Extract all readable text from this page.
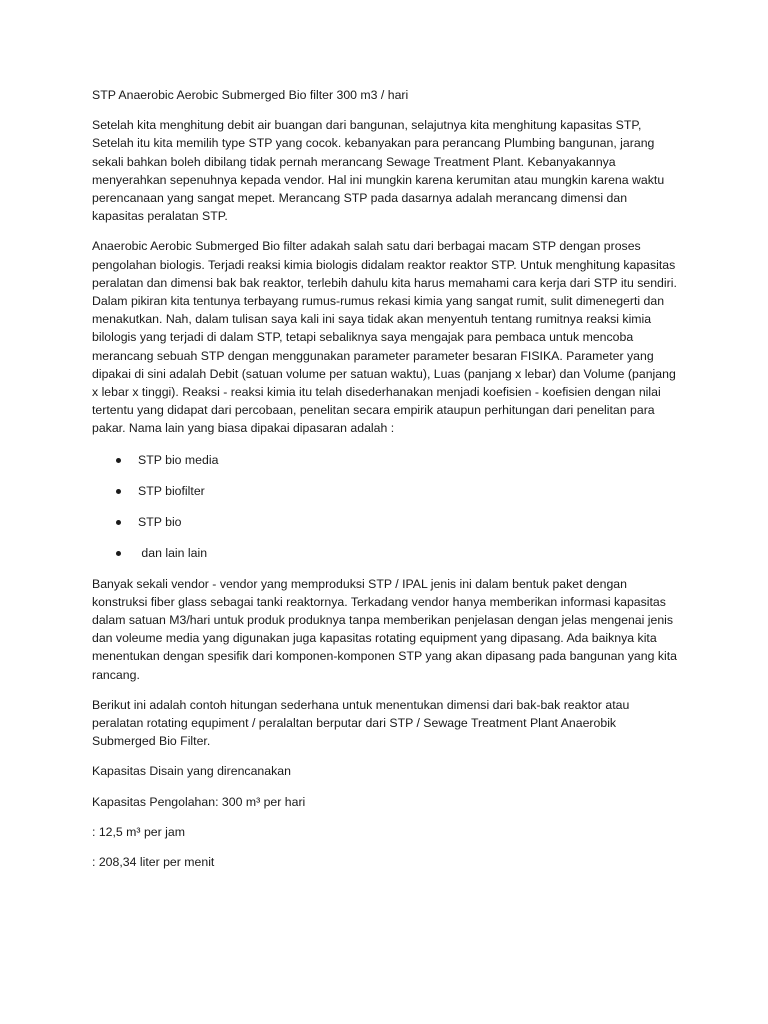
STP Anaerobic Aerobic Submerged Bio filter 300 m3 / hari

Setelah kita menghitung debit air buangan dari bangunan, selajutnya kita menghitung kapasitas STP, Setelah itu kita memilih type STP yang cocok. kebanyakan para perancang Plumbing bangunan, jarang sekali bahkan boleh dibilang tidak pernah merancang Sewage Treatment Plant. Kebanyakannya menyerahkan sepenuhnya kepada vendor. Hal ini mungkin karena kerumitan atau mungkin karena waktu perencanaan yang sangat mepet. Merancang STP pada dasarnya adalah merancang dimensi dan kapasitas peralatan STP.

Anaerobic Aerobic Submerged Bio filter adakah salah satu dari berbagai macam STP dengan proses pengolahan biologis. Terjadi reaksi kimia biologis didalam reaktor reaktor STP. Untuk menghitung kapasitas peralatan dan dimensi bak bak reaktor, terlebih dahulu kita harus memahami cara kerja dari STP itu sendiri. Dalam pikiran kita tentunya terbayang rumus-rumus rekasi kimia yang sangat rumit, sulit dimenegerti dan menakutkan. Nah, dalam tulisan saya kali ini saya tidak akan menyentuh tentang rumitnya reaksi kimia bilologis yang terjadi di dalam STP, tetapi sebaliknya saya mengajak para pembaca untuk mencoba merancang sebuah STP dengan menggunakan parameter parameter besaran FISIKA. Parameter yang dipakai di sini adalah Debit (satuan volume per satuan waktu), Luas (panjang x lebar) dan Volume (panjang x lebar x tinggi). Reaksi - reaksi kimia itu telah disederhanakan menjadi koefisien - koefisien dengan nilai tertentu yang didapat dari percobaan, penelitan secara empirik ataupun perhitungan dari penelitan para pakar. Nama lain yang biasa dipakai dipasaran adalah :

STP bio media
STP biofilter
STP bio
dan lain lain

Banyak sekali vendor - vendor yang memproduksi STP / IPAL jenis ini dalam bentuk paket dengan konstruksi fiber glass sebagai tanki reaktornya. Terkadang vendor hanya memberikan informasi kapasitas dalam satuan M3/hari untuk produk produknya tanpa memberikan penjelasan dengan jelas mengenai jenis dan voleume media yang digunakan juga kapasitas rotating equipment yang dipasang. Ada baiknya kita menentukan dengan spesifik dari komponen-komponen STP yang akan dipasang pada bangunan yang kita rancang.

Berikut ini adalah contoh hitungan sederhana untuk menentukan dimensi dari bak-bak reaktor atau peralatan rotating equpiment / peralaltan berputar dari STP / Sewage Treatment Plant Anaerobik Submerged Bio Filter.

Kapasitas Disain yang direncanakan
Kapasitas Pengolahan: 300 m³ per hari
: 12,5 m³ per jam
: 208,34 liter per menit
